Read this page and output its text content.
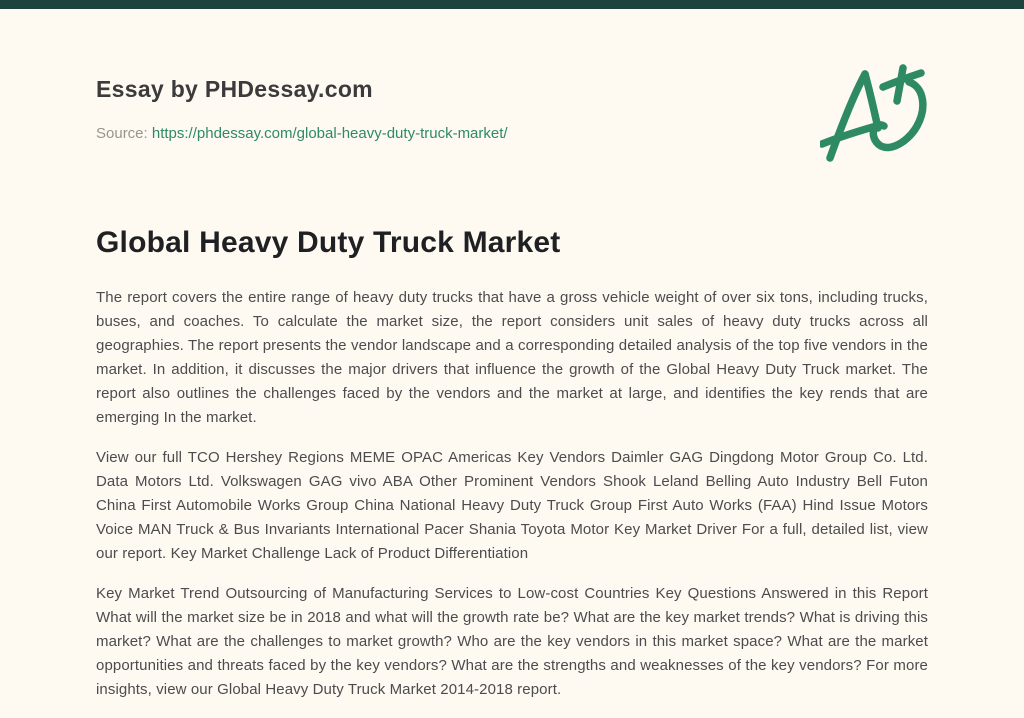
Essay by PHDessay.com
Source: https://phdessay.com/global-heavy-duty-truck-market/
Global Heavy Duty Truck Market

The report covers the entire range of heavy duty trucks that have a gross vehicle weight of over six tons, including trucks, buses, and coaches. To calculate the market size, the report considers unit sales of heavy duty trucks across all geographies. The report presents the vendor landscape and a corresponding detailed analysis of the top five vendors in the market. In addition, it discusses the major drivers that influence the growth of the Global Heavy Duty Truck market. The report also outlines the challenges faced by the vendors and the market at large, and identifies the key rends that are emerging In the market.

View our full TCO Hershey Regions MEME OPAC Americas Key Vendors Daimler GAG Dingdong Motor Group Co. Ltd. Data Motors Ltd. Volkswagen GAG vivo ABA Other Prominent Vendors Shook Leland Belling Auto Industry Bell Futon China First Automobile Works Group China National Heavy Duty Truck Group First Auto Works (FAA) Hind Issue Motors Voice MAN Truck & Bus Invariants International Pacer Shania Toyota Motor Key Market Driver For a full, detailed list, view our report. Key Market Challenge Lack of Product Differentiation

Key Market Trend Outsourcing of Manufacturing Services to Low-cost Countries Key Questions Answered in this Report What will the market size be in 2018 and what will the growth rate be? What are the key market trends? What is driving this market? What are the challenges to market growth? Who are the key vendors in this market space? What are the market opportunities and threats faced by the key vendors? What are the strengths and weaknesses of the key vendors? For more insights, view our Global Heavy Duty Truck Market 2014-2018 report.
